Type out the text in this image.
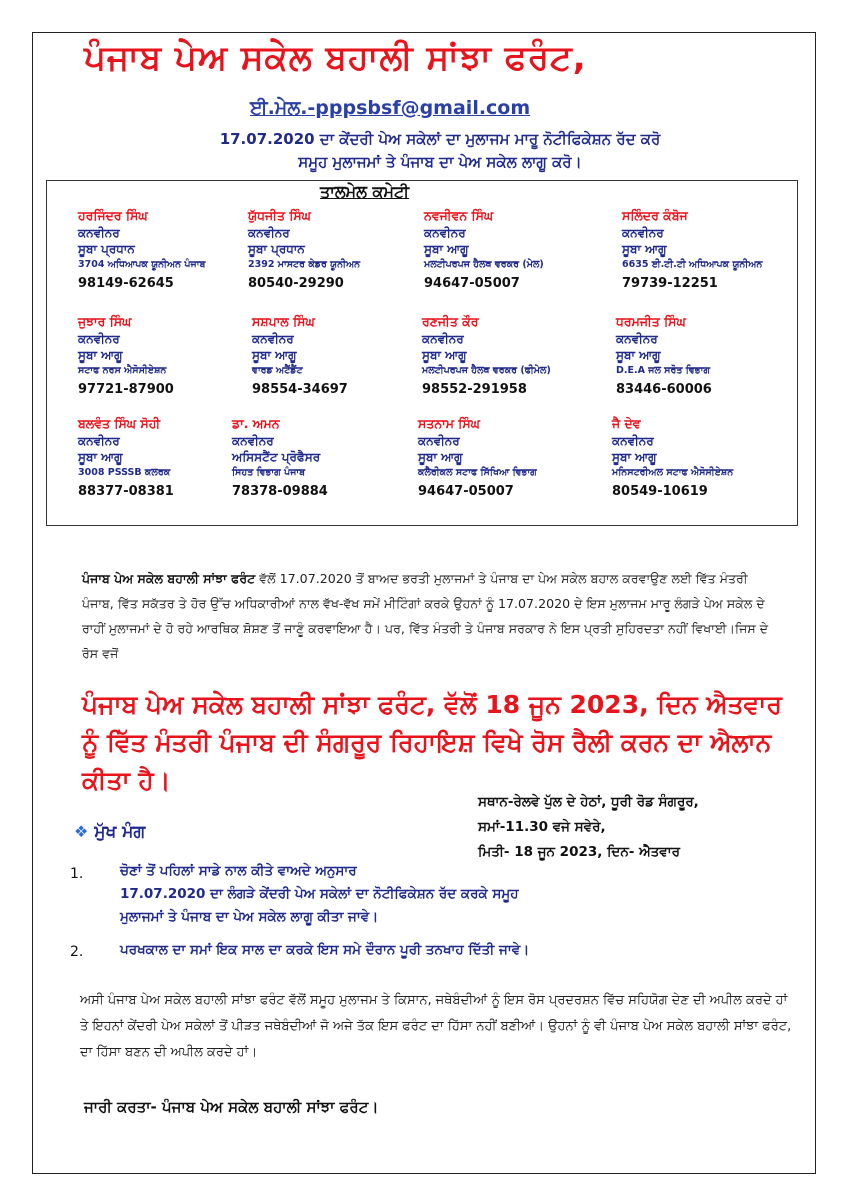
ਪੰਜਾਬ ਪੇਅ ਸਕੇਲ ਬਹਾਲੀ ਸਾਂਝਾ ਫਰੰਟ,
ਈ.ਮੇਲ.-pppsbsf@gmail.com
17.07.2020 ਦਾ ਕੇਂਦਰੀ ਪੇਅ ਸਕੇਲਾਂ ਦਾ ਮੁਲਾਜਮ ਮਾਰੂ ਨੋਟੀਫਿਕੇਸ਼ਨ ਰੱਦ ਕਰੋ
ਸਮੂਹ ਮੁਲਾਜਮਾਂ ਤੇ ਪੰਜਾਬ ਦਾ ਪੇਅ ਸਕੇਲ ਲਾਗੂ ਕਰੋ।
ਤਾਲਮੇਲ ਕਮੇਟੀ
ਹਰਜਿੰਦਰ ਸਿੰਘ
ਕਨਵੀਨਰ
ਸੂਬਾ ਪ੍ਰਧਾਨ
3704 ਅਧਿਆਪਕ ਯੂਨੀਅਨ ਪੰਜਾਬ
98149-62645
ਯੁੱਧਜੀਤ ਸਿੰਘ
ਕਨਵੀਨਰ
ਸੂਬਾ ਪ੍ਰਧਾਨ
2392 ਮਾਸਟਰ ਕੇਡਰ ਯੂਨੀਅਨ
80540-29290
ਨਵਜੀਵਨ ਸਿੰਘ
ਕਨਵੀਨਰ
ਸੂਬਾ ਆਗੂ
ਮਲਟੀਪਰਪਜ ਹੈਲਥ ਵਰਕਰ (ਮੇਲ)
94647-05007
ਸਲਿੰਦਰ ਕੰਬੋਜ
ਕਨਵੀਨਰ
ਸੂਬਾ ਆਗੂ
6635 ਈ.ਟੀ.ਟੀ ਅਧਿਆਪਕ ਯੂਨੀਅਨ
79739-12251
ਜੁਝਾਰ ਸਿੰਘ
ਕਨਵੀਨਰ
ਸੂਬਾ ਆਗੂ
ਸਟਾਫ ਨਰਸ ਐਸੋਸੀਏਸ਼ਨ
97721-87900
ਸਸ਼ਪਾਲ ਸਿੰਘ
ਕਨਵੀਨਰ
ਸੂਬਾ ਆਗੂ
ਵਾਰਡ ਅਟੈਂਡੈਂਟ
98554-34697
ਰਣਜੀਤ ਕੌਰ
ਕਨਵੀਨਰ
ਸੂਬਾ ਆਗੂ
ਮਲਟੀਪਰਪਜ ਹੈਲਥ ਵਰਕਰ (ਫੀਮੇਲ)
98552-291958
ਧਰਮਜੀਤ ਸਿੰਘ
ਕਨਵੀਨਰ
ਸੂਬਾ ਆਗੂ
D.E.A ਜਲ ਸਰੋਤ ਵਿਭਾਗ
83446-60006
ਬਲਵੰਤ ਸਿੰਘ ਸੋਹੀ
ਕਨਵੀਨਰ
ਸੂਬਾ ਆਗੂ
3008 PSSSB ਕਲਰਕ
88377-08381
ਡਾ. ਅਮਨ
ਕਨਵੀਨਰ
ਅਸਿਸਟੈਂਟ ਪ੍ਰੋਫੈਸਰ
ਸਿਹਤ ਵਿਭਾਗ ਪੰਜਾਬ
78378-09884
ਸਤਨਾਮ ਸਿੰਘ
ਕਨਵੀਨਰ
ਸੂਬਾ ਆਗੂ
ਕਲੈਰੀਕਲ ਸਟਾਫ ਸਿੱਖਿਆ ਵਿਭਾਗ
94647-05007
ਜੈ ਦੇਵ
ਕਨਵੀਨਰ
ਸੂਬਾ ਆਗੂ
ਮਨਿਸਟਰੀਅਲ ਸਟਾਫ ਐਸੋਸੀਏਸ਼ਨ
80549-10619
ਪੰਜਾਬ ਪੇਅ ਸਕੇਲ ਬਹਾਲੀ ਸਾਂਝਾ ਫਰੰਟ ਵੱਲੋਂ 17.07.2020 ਤੋਂ ਬਾਅਦ ਭਰਤੀ ਮੁਲਾਜਮਾਂ ਤੇ ਪੰਜਾਬ ਦਾ ਪੇਅ ਸਕੇਲ ਬਹਾਲ ਕਰਵਾਉਣ ਲਈ ਵਿੱਤ ਮੰਤਰੀ ਪੰਜਾਬ, ਵਿੱਤ ਸਕੱਤਰ ਤੇ ਹੋਰ ਉੱਚ ਅਧਿਕਾਰੀਆਂ ਨਾਲ ਵੱਖ-ਵੱਖ ਸਮੇਂ ਮੀਟਿੰਗਾਂ ਕਰਕੇ ਉਹਨਾਂ ਨੂੰ 17.07.2020 ਦੇ ਇਸ ਮੁਲਾਜਮ ਮਾਰੂ ਲੰਗੜੇ ਪੇਅ ਸਕੇਲ ਦੇ ਰਾਹੀਂ ਮੁਲਾਜਮਾਂ ਦੇ ਹੋ ਰਹੇ ਆਰਥਿਕ ਸ਼ੋਸ਼ਣ ਤੋਂ ਜਾਣੂੰ ਕਰਵਾਇਆ ਹੈ। ਪਰ, ਵਿੱਤ ਮੰਤਰੀ ਤੇ ਪੰਜਾਬ ਸਰਕਾਰ ਨੇ ਇਸ ਪ੍ਰਤੀ ਸੁਹਿਰਦਤਾ ਨਹੀਂ ਵਿਖਾਈ।ਜਿਸ ਦੇ ਰੋਸ ਵਜੋਂ
ਪੰਜਾਬ ਪੇਅ ਸਕੇਲ ਬਹਾਲੀ ਸਾਂਝਾ ਫਰੰਟ, ਵੱਲੋਂ 18 ਜੂਨ 2023, ਦਿਨ ਐਤਵਾਰ ਨੂੰ ਵਿੱਤ ਮੰਤਰੀ ਪੰਜਾਬ ਦੀ ਸੰਗਰੂਰ ਰਿਹਾਇਸ਼ ਵਿਖੇ ਰੋਸ ਰੈਲੀ ਕਰਨ ਦਾ ਐਲਾਨ ਕੀਤਾ ਹੈ।
ਸਥਾਨ-ਰੇਲਵੇ ਪੁੱਲ ਦੇ ਹੇਠਾਂ, ਧੂਰੀ ਰੋਡ ਸੰਗਰੂਰ,
ਸਮਾਂ-11.30 ਵਜੇ ਸਵੇਰੇ,
ਮਿਤੀ- 18 ਜੂਨ 2023, ਦਿਨ- ਐਤਵਾਰ
❖ ਮੁੱਖ ਮੰਗ
1.	ਚੋਣਾਂ ਤੋਂ ਪਹਿਲਾਂ ਸਾਡੇ ਨਾਲ ਕੀਤੇ ਵਾਅਦੇ ਅਨੁਸਾਰ
17.07.2020 ਦਾ ਲੰਗੜੇ ਕੇਂਦਰੀ ਪੇਅ ਸਕੇਲਾਂ ਦਾ ਨੋਟੀਫਿਕੇਸ਼ਨ ਰੱਦ ਕਰਕੇ ਸਮੂਹ
ਮੁਲਾਜਮਾਂ ਤੇ ਪੰਜਾਬ ਦਾ ਪੇਅ ਸਕੇਲ ਲਾਗੂ ਕੀਤਾ ਜਾਵੇ।
2.	ਪਰਖਕਾਲ ਦਾ ਸਮਾਂ ਇਕ ਸਾਲ ਦਾ ਕਰਕੇ ਇਸ ਸਮੇ ਦੌਰਾਨ ਪੂਰੀ ਤਨਖਾਹ ਦਿੱਤੀ ਜਾਵੇ।
ਅਸੀ ਪੰਜਾਬ ਪੇਅ ਸਕੇਲ ਬਹਾਲੀ ਸਾਂਝਾ ਫਰੰਟ ਵੱਲੋਂ ਸਮੂਹ ਮੁਲਾਜਮ ਤੇ ਕਿਸਾਨ, ਜਥੇਬੰਦੀਆਂ ਨੂੰ ਇਸ ਰੋਸ ਪ੍ਰਦਰਸ਼ਨ ਵਿੱਚ ਸਹਿਯੋਗ ਦੇਣ ਦੀ ਅਪੀਲ ਕਰਦੇ ਹਾਂ ਤੇ ਇਹਨਾਂ ਕੇਂਦਰੀ ਪੇਅ ਸਕੇਲਾਂ ਤੋਂ ਪੀੜਤ ਜਥੇਬੰਦੀਆਂ ਜੋ ਅਜੇ ਤੱਕ ਇਸ ਫਰੰਟ ਦਾ ਹਿੱਸਾ ਨਹੀਂ ਬਣੀਆਂ। ਉਹਨਾਂ ਨੂੰ ਵੀ ਪੰਜਾਬ ਪੇਅ ਸਕੇਲ ਬਹਾਲੀ ਸਾਂਝਾ ਫਰੰਟ, ਦਾ ਹਿੱਸਾ ਬਣਨ ਦੀ ਅਪੀਲ ਕਰਦੇ ਹਾਂ।
ਜਾਰੀ ਕਰਤਾ- ਪੰਜਾਬ ਪੇਅ ਸਕੇਲ ਬਹਾਲੀ ਸਾਂਝਾ ਫਰੰਟ।
